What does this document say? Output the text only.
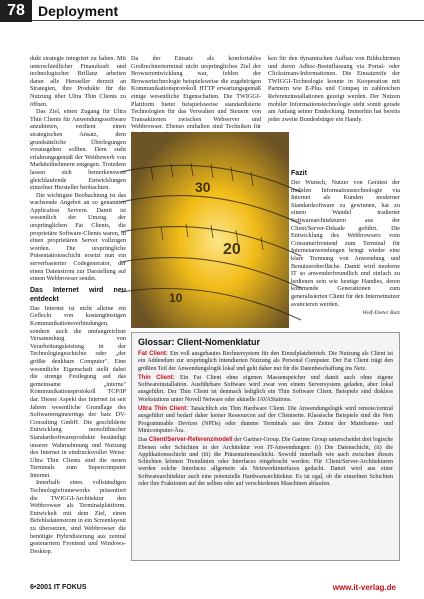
78 Deployment

dukt strategie integriert zu haben. Mit unterschiedlicher Finanzkraft und technologischer Brillanz arbeiten daran alle Hersteller derzeit an Strategien, ihre Produkte für die Nutzung über Ultra Thin Clients zu öffnen.

Das Ziel, einen Zugang für Ultra Thin Clients für Anwendungssoftware anzubieten, verdient einen strategischen Ansatz, dem grundsätzliche Überlegungen vorausgehen sollten. Dem steht erfahrungsgemäß der Wettbewerb von Marktteilnehmern entgegen. Trotzdem lassen sich bemerkenswert gleichlaufende Entwicklungen einzelner Hersteller beobachten.

Die wichtigste Beobachtung ist das wachsende Angebot an so genannten Application Servern. Damit ist wesentlich der Umzug der ursprünglichen Fat Clients, die proprietäre Software-Clients waren, in einen proprietären Server vollzogen worden. Die ursprüngliche Präsentationsschicht ersetzt nun ein serverbasierter Codegenerator, der einen Datenstrom zur Darstellung auf einem Webbrowser sendet.

Das Internet wird neu entdeckt

Das Internet ist nicht alleine ein Geflecht von kostengünstigen Kommunikationsverbindungen, sondern auch die umfangreichste Versammlung von Verarbeitungsleistung in der Technologiegeschichte oder „der größte denkbare Computer". Eine wesentliche Eigenschaft stellt dabei die strenge Festlegung auf das gemeinsame „interne" Kommunikationsprotokoll TCP/IP dar. Dieser Aspekt des Internet ist seit Jahren wesentliche Grundlage des Softwareengineerings der batz DV-Consulting GmbH. Die geschilderte Entwicklung monolithischer Standardsoftwareprodukte beständigt unserer Wahrnehmung und Nutzung des Internet in eindrucksvoller Weise: Ultra Thin Clients sind die neuen Terminals zum Supercomputer Internet.

Innerhalb eines vollständigen Technologieframeworks präsentiert die TWIGGI-Architektur den Webbrowser als Terminalplattform. Entwickelt mit dem Ziel, einen Befehlsdatenstrom in ein Screenlayout zu übersetzen, sind Webbrowser die benötigte Hybridisierung aus zentral gesteuertem Frontend und Windows-Desktop.

Da der Einsatz als komfortables Großrechnerterminal nicht ursprüngliches Ziel der Browserentwicklung war, fehlen der Browsertechnologie beispielsweise die zugehörigen Kommunikationsprotokoll HTTP erwartungsgemäß einige wesentliche Eigenschaften. Die TWIGGI-Plattform bietet beispielsweise standardisierte Technologien für das Verwalten und Steuern von Transaktionen zwischen Webserver und Webbrowser. Ebenso enthalten sind Techniken für

ken für den dynamischen Aufbau von Bildschirmen und deren Adhoc-Beeinflussung via Portal- oder Clickstream-Informationen. Die Einsatzreife der TWIGGI-Technologie konnte in Kooperation mit Partnern wie E-Plus und Compaq in zahlreichen Referenzinstallationen gezeigt werden. Der Nutzen mobiler Informationstechnologie steht somit gerade am Anfang seiner Entdeckung. Immerhin hat bereits jeder zweite Bundesbürger ein Handy.

30
20
10
Fazit

Der Wunsch, Nutzer von Geräten der mobilen Informationstechnologie via Internet als Kunden moderner Standardsoftware zu gewinnen, hat zu einem Wandel tradierter Softwarearchitekturen aus der Client/Server-Dekade geführt. Die Entwicklung des Webbrowsers vom Consumerfrontend zum Terminal für Internetanwendungen bringt wieder eine klare Trennung von Anwendung und Benutzeroberfläche. Damit wird moderne IT so anwenderfreundlich und einfach zu bedienen sein wie heutige Handies, deren kommende Generationen zum generalisierten Client für den Internetnutzer avancieren werden.

Wolf-Dieter Batz
Glossar: Client-Nomenklatur

Fat Client: Ein voll ausgebautes Rechnersystem für den Einzelplatzbetrieb. Die Nutzung als Client ist ein Addendum zur ursprünglich intendierten Nutzung als Personal Computer. Der Fat Client trägt den größten Teil der Anwendungslogik lokal und geht daher nur für die Datenbeschaffung ins Netz.

Thin Client: Ein Fat Client ohne eigenen Massenspeicher und damit auch ohne eigene Softwareinstallation. Ausführbare Software wird zwar von einem Serversystem geladen, aber lokal ausgeführt. Der Thin Client ist demnach lediglich ein Thin Software Client. Beispiele sind diskless Workstations unter Novell Netware oder aktuelle JAVAStations.

Ultra Thin Client: Tatsächlich ein Thin Hardware Client. Die Anwendungslogik wird remote/zentral ausgeführt und bedarf daher keiner Ressourcen auf der Clientseite. Klassische Beispiele sind die Non Programmable Devices (NPDs) oder dumme Terminals aus den Zeiten der Mainframe- und Minicomputer-Ära.

Das Client/Server-Referenzmodell der Gartner-Group. Die Gartner Group unterscheidet drei logische Ebenen oder Schichten in der Architektur von IT-Anwendungen: (i) Die Datenschicht, (ii) die Applikationsschicht und (iii) die Präsentationsschicht. Sowohl innerhalb wie auch zwischen diesen Schichten können Trennlinien oder Interfaces eingebracht werden. Für Client/Server-Architekturen werden solche Interfaces allgemein als Netzwerkinterfaces gedacht. Damit wird aus einer Softwarearchitektur auch eine potenzielle Hardwarearchitektur. Es ist egal, ob die einzelnen Schichten oder ihre Fraktionen auf der selben oder auf verschiedenen Maschinen ablaufen.

6•2001 IT FOKUS	www.it-verlag.de
